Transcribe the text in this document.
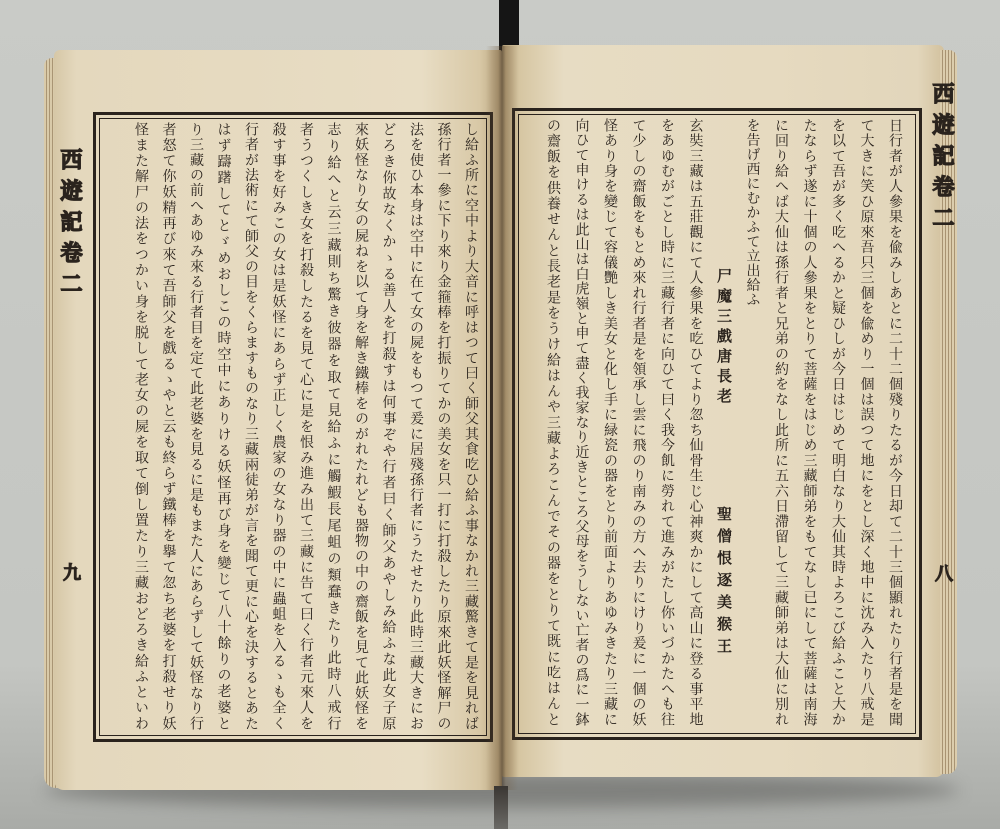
西遊記卷二
九	し給ふ所に空中より大音に呼はつて曰く師父其食吃ひ給ふ事なかれ三藏驚きて是を見れば
孫行者一參に下り來り金箍棒を打振りてかの美女を只一打に打殺したり原來此妖怪解尸の
法を使ひ本身は空中に在て女の屍をもつて爰に居殘孫行者にうたせたり此時三藏大きにお
どろき你故なくかゝる善人を打殺すは何事ぞや行者曰く師父あやしみ給ふな此女子原
來妖怪なり女の屍ねを以て身を解き鐵棒をのがれたれども器物の中の齋飯を見て此妖怪を
志り給へと云三藏則ち驚き彼器を取て見給ふに觸鰕長尾蛆の類蠢きたり此時八戒行
者うつくしき女を打殺したるを見て心に是を恨み進み出て三藏に告て曰く行者元來人を
殺す事を好みこの女は是妖怪にあらず正しく農家の女なり器の中に蟲蛆を入るゝも全く
行者が法術にて師父の目をくらますものなり三藏兩徒弟が言を聞て更に心を決するとあた
はず躊躇してとゞめおしこの時空中にありける妖怪再び身を變じて八十餘りの老婆と
り三藏の前へあゆみ來る行者目を定て此老婆を見るに是もまた人にあらずして妖怪なり行
者怒て你妖精再び來て吾師父を戲るゝやと云も終らず鐵棒を擧て忽ち老婆を打殺せり妖
怪また解尸の法をつかい身を脱して老女の屍を取て倒し置たり三藏おどろき給ふといわ	西遊記卷二
八
日行者が人參果を偸みしあとに二十二個殘りたるが今日却て二十三個顯れたり行者是を聞
て大きに笑ひ原來吾只三個を偸めり一個は誤つて地にをとし深く地中に沈み入たり八戒是
を以て吾が多く吃へるかと疑ひしが今日はじめて明白なり大仙其時よろこび給ふこと大か
たならず遂に十個の人參果をとりて菩薩をはじめ三藏師弟をもてなし已にして菩薩は南海
に回り給へば大仙は孫行者と兄弟の約をなし此所に五六日滯留して三藏師弟は大仙に別れ
を告げ西にむかふて立出給ふ
尸魔三戲唐長老
聖僧恨逐美猴王
玄奘三藏は五莊觀にて人參果を吃ひてより忽ち仙骨生じ心神爽かにして高山に登る事平地
をあゆむがごとし時に三藏行者に向ひて曰く我今飢に勞れて進みがたし你いづかたへも往
て少しの齋飯をもとめ來れ行者是を領承し雲に飛のり南みの方へ去りにけり爰に一個の妖
怪あり身を變じて容儀艷しき美女と化し手に緑瓷の器をとり前面よりあゆみきたり三藏に
向ひて申けるは此山は白虎嶺と申て盡く我家なり近きところ父母をうしない亡者の爲に一鉢
の齋飯を供養せんと長老是をうけ給はんや三藏よろこんでその器をとりて既に吃はんと
